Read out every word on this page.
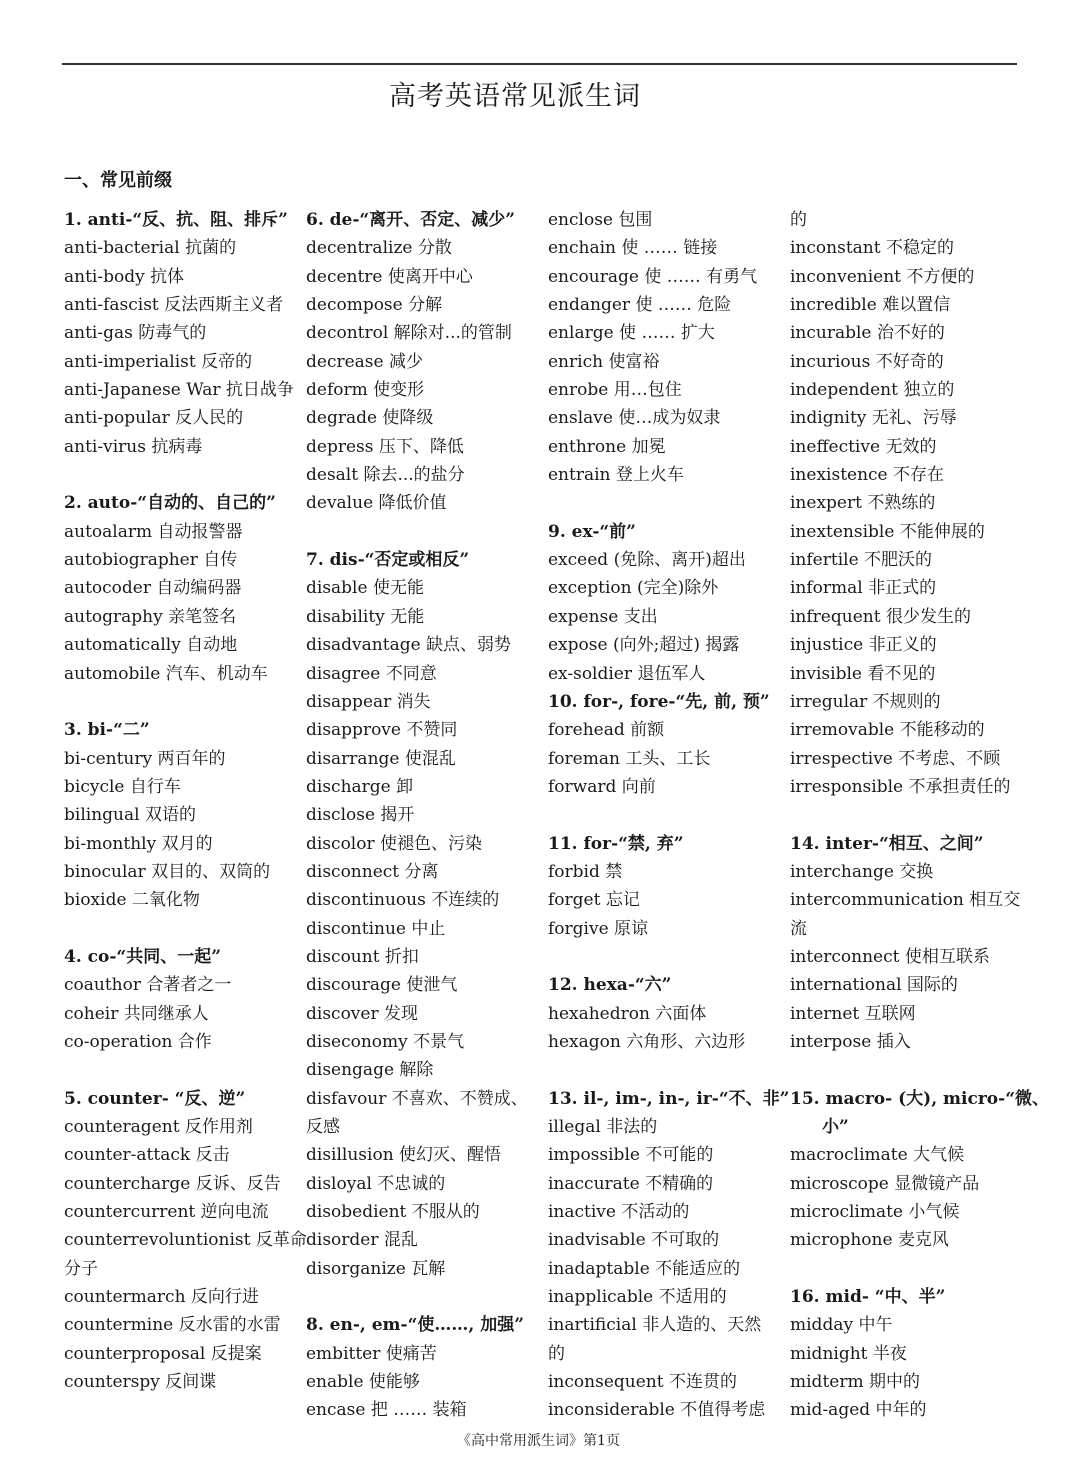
高考英语常见派生词
一、常见前缀
1. anti-“反、抗、阻、排斥”
anti-bacterial 抗菌的
anti-body 抗体
anti-fascist 反法西斯主义者
anti-gas 防毒气的
anti-imperialist 反帝的
anti-Japanese War 抗日战争
anti-popular 反人民的
anti-virus 抗病毒
2. auto-“自动的、自己的”
autoalarm 自动报警器
autobiographer 自传
autocoder 自动编码器
autography 亲笔签名
automatically 自动地
automobile 汽车、机动车
3. bi-“二”
bi-century 两百年的
bicycle 自行车
bilingual 双语的
bi-monthly 双月的
binocular 双目的、双筒的
bioxide 二氧化物
4. co-“共同、一起”
coauthor 合著者之一
coheir 共同继承人
co-operation 合作
5. counter- “反、逆”
counteragent 反作用剂
counter-attack 反击
countercharge 反诉、反告
countercurrent 逆向电流
counterrevoluntionist 反革命
分子
countermarch 反向行进
countermine 反水雷的水雷
counterproposal 反提案
counterspy 反间谍
6. de-“离开、否定、减少”
decentralize 分散
decentre 使离开中心
decompose 分解
decontrol 解除对...的管制
decrease 减少
deform 使变形
degrade 使降级
depress 压下、降低
desalt 除去...的盐分
devalue 降低价值
7. dis-“否定或相反”
disable 使无能
disability 无能
disadvantage 缺点、弱势
disagree 不同意
disappear 消失
disapprove 不赞同
disarrange 使混乱
discharge 卸
disclose 揭开
discolor 使褪色、污染
disconnect 分离
discontinuous 不连续的
discontinue 中止
discount 折扣
discourage 使泄气
discover 发现
diseconomy 不景气
disengage 解除
disfavour 不喜欢、不赞成、
反感
disillusion 使幻灭、醒悟
disloyal 不忠诚的
disobedient 不服从的
disorder 混乱
disorganize 瓦解
8. en-, em-“使……, 加强”
embitter 使痛苦
enable 使能够
encase 把 …… 装箱
enclose 包围
enchain 使 …… 链接
encourage 使 …… 有勇气
endanger 使 …… 危险
enlarge 使 …… 扩大
enrich 使富裕
enrobe 用…包住
enslave 使…成为奴隶
enthrone 加冕
entrain 登上火车
9. ex-“前”
exceed (免除、离开)超出
exception (完全)除外
expense 支出
expose (向外;超过) 揭露
ex-soldier 退伍军人
10. for-, fore-“先, 前, 预”
forehead 前额
foreman 工头、工长
forward 向前
11. for-“禁, 弃”
forbid 禁
forget 忘记
forgive 原谅
12. hexa-“六”
hexahedron 六面体
hexagon 六角形、六边形
13. il-, im-, in-, ir-“不、非”
illegal 非法的
impossible 不可能的
inaccurate 不精确的
inactive 不活动的
inadvisable 不可取的
inadaptable 不能适应的
inapplicable 不适用的
inartificial 非人造的、天然
的
inconsequent 不连贯的
inconsiderable 不值得考虑
的
inconstant 不稳定的
inconvenient 不方便的
incredible 难以置信
incurable 治不好的
incurious 不好奇的
independent 独立的
indignity 无礼、污辱
ineffective 无效的
inexistence 不存在
inexpert 不熟练的
inextensible 不能伸展的
infertile 不肥沃的
informal 非正式的
infrequent 很少发生的
injustice 非正义的
invisible 看不见的
irregular 不规则的
irremovable 不能移动的
irrespective 不考虑、不顾
irresponsible 不承担责任的
14. inter-“相互、之间”
interchange 交换
intercommunication 相互交
流
interconnect 使相互联系
international 国际的
internet 互联网
interpose 插入
15. macro- (大), micro-“微、
小”
macroclimate 大气候
microscope 显微镜产品
microclimate 小气候
microphone 麦克风
16. mid- “中、半”
midday 中午
midnight 半夜
midterm 期中的
mid-aged 中年的
《高中常用派生词》第1页
